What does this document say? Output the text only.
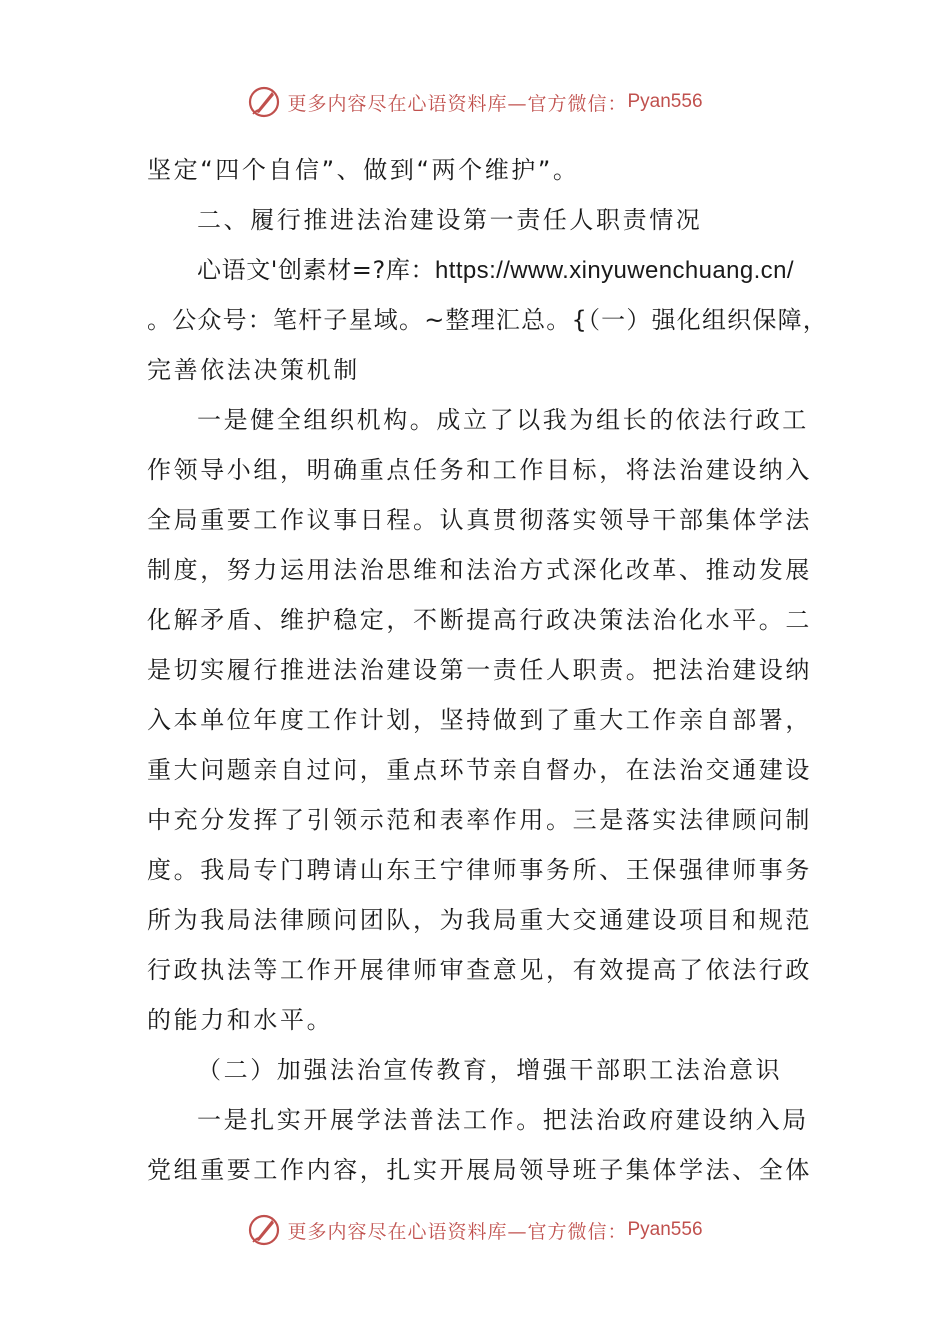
更多内容尽在心语资料库—官方微信： Pyan556
坚定“四个自信”、做到“两个维护”。
二、履行推进法治建设第一责任人职责情况
心语文'创素材=?库：https://www.xinyuwenchuang.cn/
。公众号：笔杆子星域。~整理汇总。{（一）强化组织保障，
完善依法决策机制
一是健全组织机构。成立了以我为组长的依法行政工
作领导小组，明确重点任务和工作目标，将法治建设纳入
全局重要工作议事日程。认真贯彻落实领导干部集体学法
制度，努力运用法治思维和法治方式深化改革、推动发展
化解矛盾、维护稳定，不断提高行政决策法治化水平。二
是切实履行推进法治建设第一责任人职责。把法治建设纳
入本单位年度工作计划，坚持做到了重大工作亲自部署，
重大问题亲自过问，重点环节亲自督办，在法治交通建设
中充分发挥了引领示范和表率作用。三是落实法律顾问制
度。我局专门聘请山东王宁律师事务所、王保强律师事务
所为我局法律顾问团队，为我局重大交通建设项目和规范
行政执法等工作开展律师审查意见，有效提高了依法行政
的能力和水平。
（二）加强法治宣传教育，增强干部职工法治意识
一是扎实开展学法普法工作。把法治政府建设纳入局
党组重要工作内容，扎实开展局领导班子集体学法、全体
更多内容尽在心语资料库—官方微信： Pyan556
